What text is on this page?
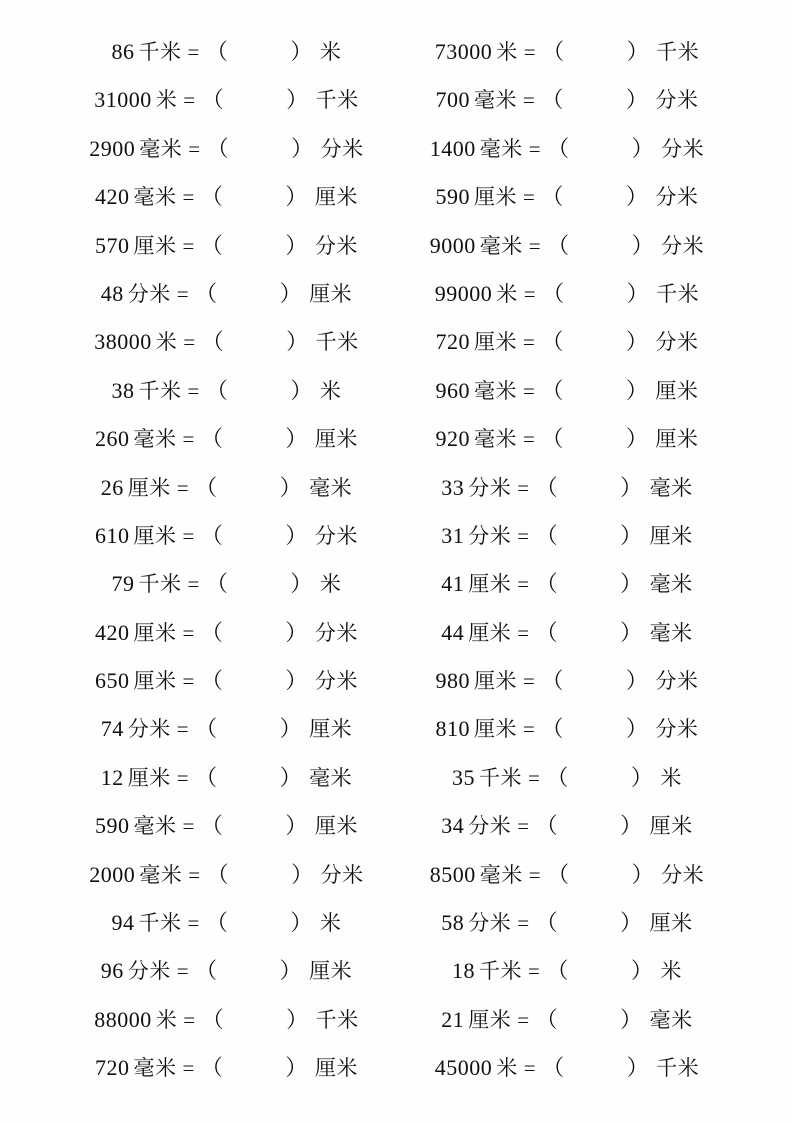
86 千米 = （	） 米	73000 米 = （	） 千米
31000 米 = （	） 千米	700 毫米 = （	） 分米
2900 毫米 = （	） 分米	1400 毫米 = （	） 分米
420 毫米 = （	） 厘米	590 厘米 = （	） 分米
570 厘米 = （	） 分米	9000 毫米 = （	） 分米
48 分米 = （	） 厘米	99000 米 = （	） 千米
38000 米 = （	） 千米	720 厘米 = （	） 分米
38 千米 = （	） 米	960 毫米 = （	） 厘米
260 毫米 = （	） 厘米	920 毫米 = （	） 厘米
26 厘米 = （	） 毫米	33 分米 = （	） 毫米
610 厘米 = （	） 分米	31 分米 = （	） 厘米
79 千米 = （	） 米	41 厘米 = （	） 毫米
420 厘米 = （	） 分米	44 厘米 = （	） 毫米
650 厘米 = （	） 分米	980 厘米 = （	） 分米
74 分米 = （	） 厘米	810 厘米 = （	） 分米
12 厘米 = （	） 毫米	35 千米 = （	） 米
590 毫米 = （	） 厘米	34 分米 = （	） 厘米
2000 毫米 = （	） 分米	8500 毫米 = （	） 分米
94 千米 = （	） 米	58 分米 = （	） 厘米
96 分米 = （	） 厘米	18 千米 = （	） 米
88000 米 = （	） 千米	21 厘米 = （	） 毫米
720 毫米 = （	） 厘米	45000 米 = （	） 千米
